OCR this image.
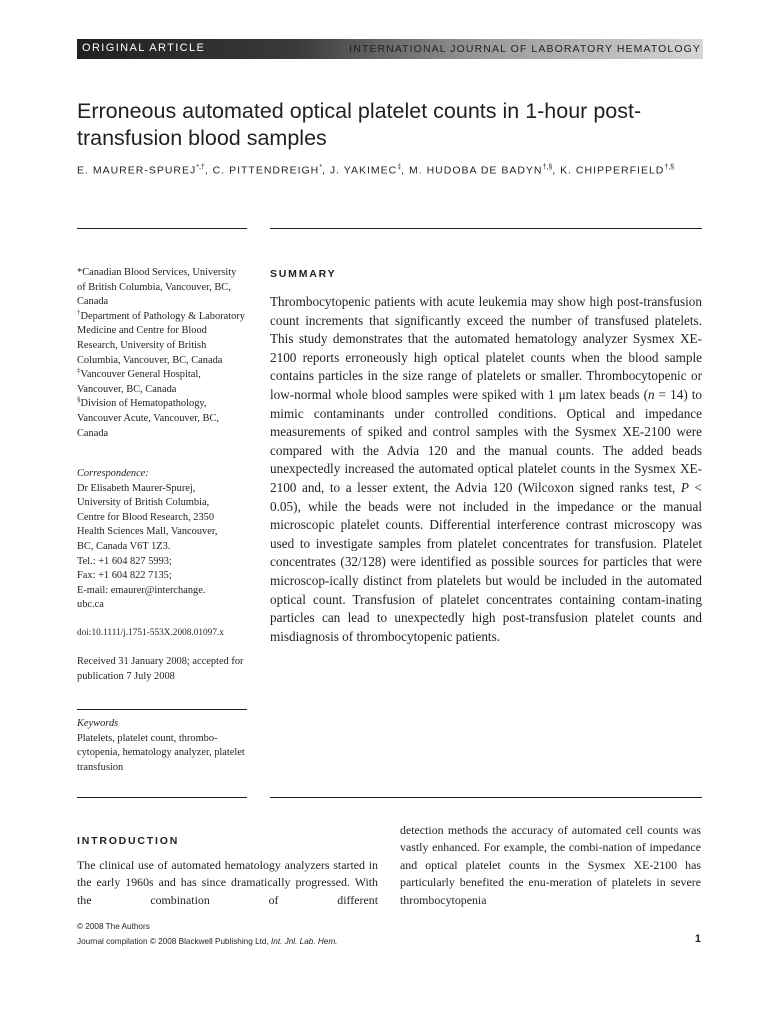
ORIGINAL ARTICLE	INTERNATIONAL JOURNAL OF LABORATORY HEMATOLOGY
Erroneous automated optical platelet counts in 1-hour post-transfusion blood samples
E. MAURER-SPUREJ*,†, C. PITTENDREIGH*, J. YAKIMEC‡, M. HUDOBA DE BADYN†,§, K. CHIPPERFIELD†,§

*Canadian Blood Services, University of British Columbia, Vancouver, BC, Canada

†Department of Pathology & Laboratory Medicine and Centre for Blood Research, University of British Columbia, Vancouver, BC, Canada

‡Vancouver General Hospital, Vancouver, BC, Canada

§Division of Hematopathology, Vancouver Acute, Vancouver, BC, Canada

Correspondence:

Dr Elisabeth Maurer-Spurej,

University of British Columbia,

Centre for Blood Research, 2350

Health Sciences Mall, Vancouver,

BC, Canada V6T 1Z3.

Tel.: +1 604 827 5993;

Fax: +1 604 822 7135;

E-mail: emaurer@interchange.

ubc.ca

doi:10.1111/j.1751-553X.2008.01097.x
Received 31 January 2008; accepted for publication 7 July 2008

Keywords

Platelets, platelet count, thrombo-cytopenia, hematology analyzer, platelet transfusion

SUMMARY

Thrombocytopenic patients with acute leukemia may show high post-transfusion count increments that significantly exceed the number of transfused platelets. This study demonstrates that the automated hematology analyzer Sysmex XE-2100 reports erroneously high optical platelet counts when the blood sample contains particles in the size range of platelets or smaller. Thrombocytopenic or low-normal whole blood samples were spiked with 1 μm latex beads (n = 14) to mimic contaminants under controlled conditions. Optical and impedance measurements of spiked and control samples with the Sysmex XE-2100 were compared with the Advia 120 and the manual counts. The added beads unexpectedly increased the automated optical platelet counts in the Sysmex XE-2100 and, to a lesser extent, the Advia 120 (Wilcoxon signed ranks test, P < 0.05), while the beads were not included in the impedance or the manual microscopic platelet counts. Differential interference contrast microscopy was used to investigate samples from platelet concentrates for transfusion. Platelet concentrates (32/128) were identified as possible sources for particles that were microscop-ically distinct from platelets but would be included in the automated optical count. Transfusion of platelet concentrates containing contam-inating particles can lead to unexpectedly high post-transfusion platelet counts and misdiagnosis of thrombocytopenic patients.

INTRODUCTION

The clinical use of automated hematology analyzers started in the early 1960s and has since dramatically progressed. With the combination of different

detection methods the accuracy of automated cell counts was vastly enhanced. For example, the combi-nation of impedance and optical platelet counts in the Sysmex XE-2100 has particularly benefited the enu-meration of platelets in severe thrombocytopenia

© 2008 The Authors
Journal compilation © 2008 Blackwell Publishing Ltd, Int. Jnl. Lab. Hem.	1
